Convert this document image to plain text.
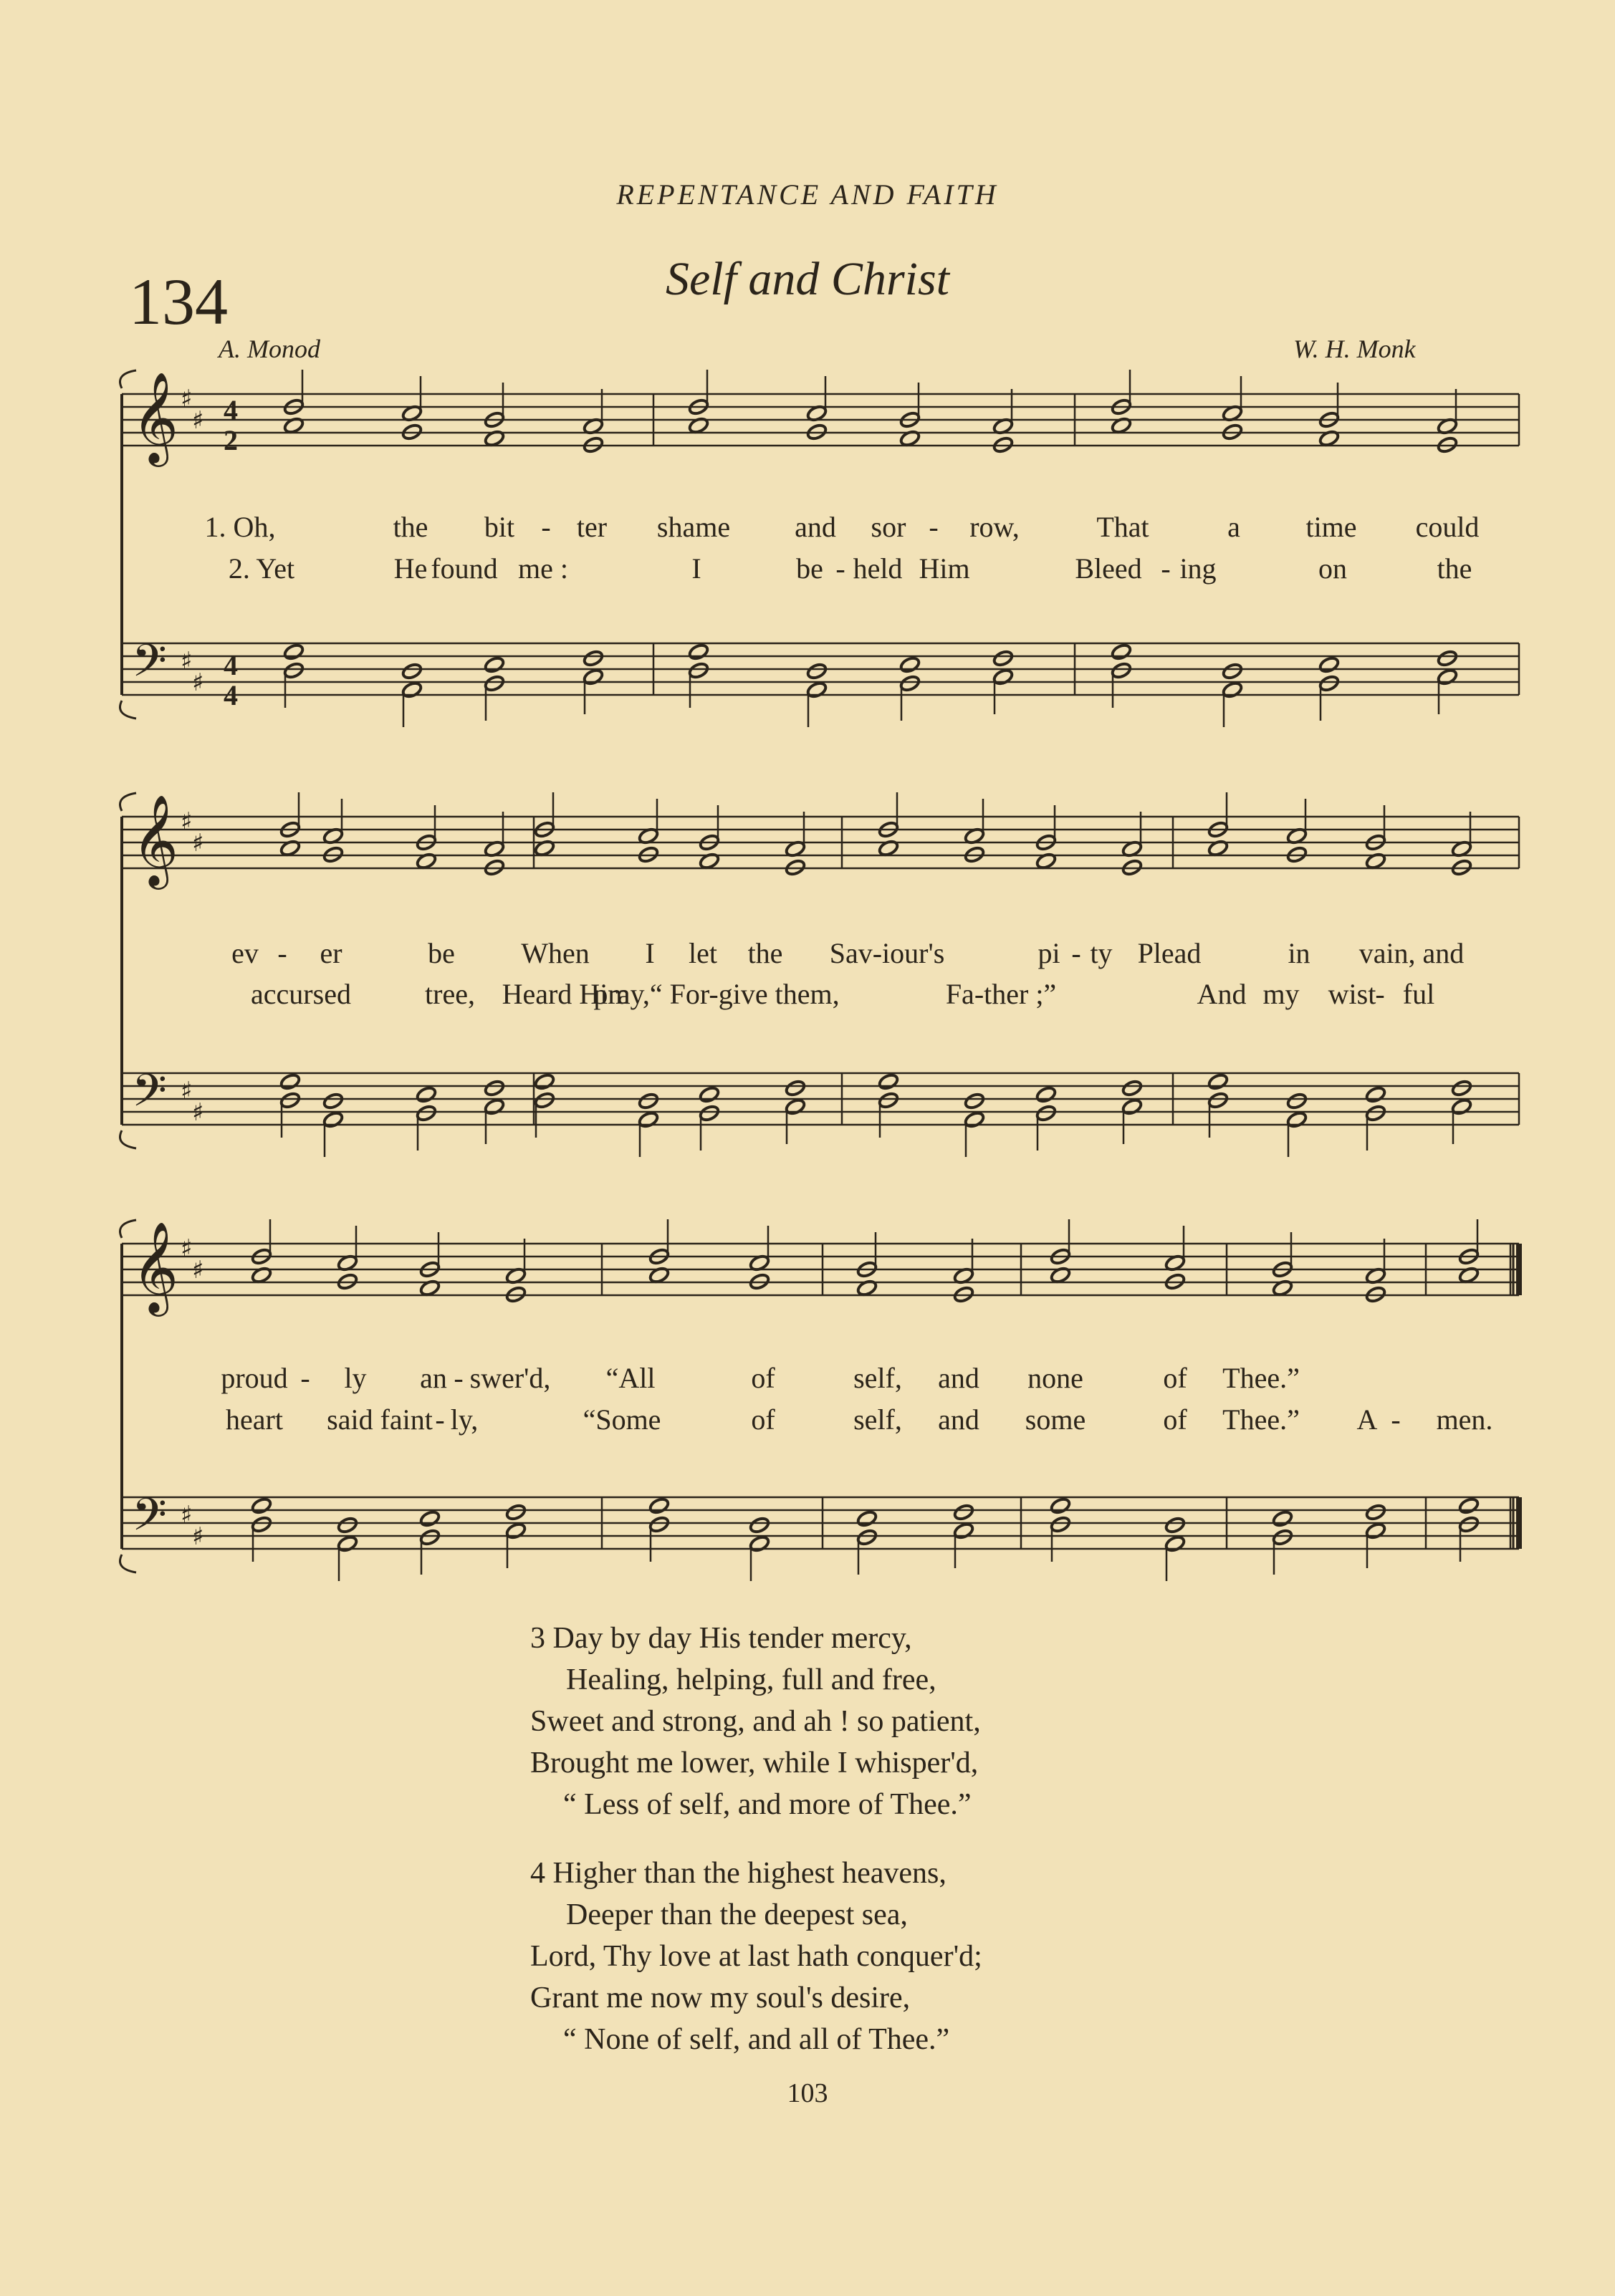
REPENTANCE AND FAITH
134	Self and Christ
A. Monod	W. H. Monk
𝄞
𝄢
♯
♯
♯
♯
𝄞
𝄢
♯
♯
♯
♯
𝄞
𝄢
♯
♯
♯
♯
4
2
4
4
1. Oh,	the bit - ter shame and sor - row,	That	a time could
2. Yet	He found me :	I	be - held Him	Bleed - ing	on	the
ev - er	be When I let the Sav-iour's	pi - ty Plead	in vain, and
accursed	tree, Heard Him
pray,“ For-give them,	Fa-ther ;”	And my wist
- ful
proud - ly an - swer'd, “All	of	self, and none	of Thee.”
heart said faint - ly,	“Some	of	self, and some	of Thee.” A - men.
3 Day by day His tender mercy,
Healing, helping, full and free,
Sweet and strong, and ah ! so patient,
Brought me lower, while I whisper'd,
“ Less of self, and more of Thee.”
4 Higher than the highest heavens,
Deeper than the deepest sea,
Lord, Thy love at last hath conquer'd;
Grant me now my soul's desire,
“ None of self, and all of Thee.”
103
